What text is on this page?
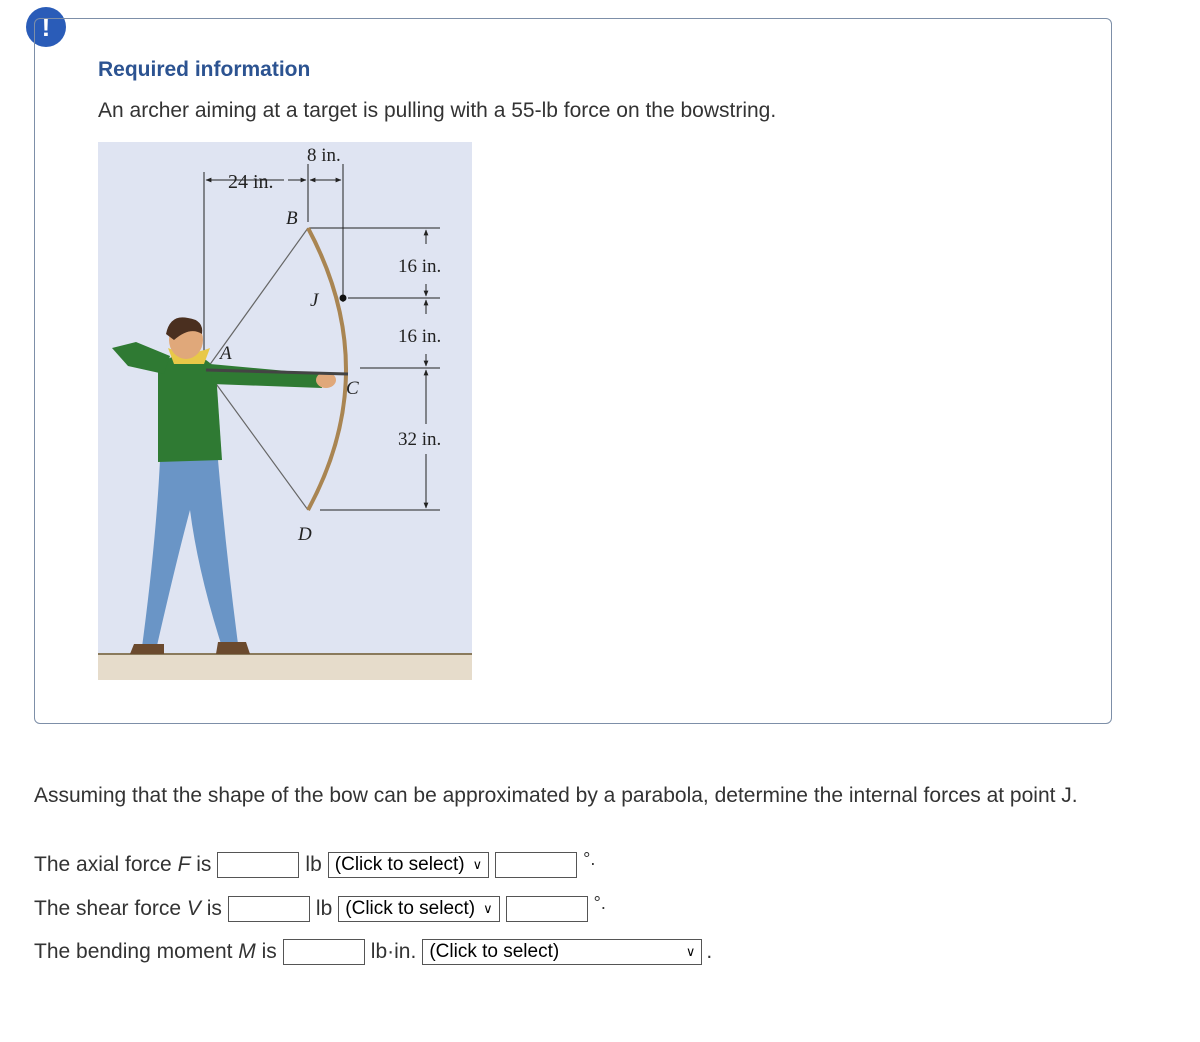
!
Required information
An archer aiming at a target is pulling with a 55-lb force on the bowstring.
8 in.
24 in.
16 in.
16 in.
32 in.
A
B
C
D
J
Assuming that the shape of the bow can be approximated by a parabola, determine the internal forces at point J.
The axial force F is	lb (Click to select) ∨	°.
The shear force V is	lb (Click to select) ∨	°.
The bending moment M is	lb·in. (Click to select)	∨ .
